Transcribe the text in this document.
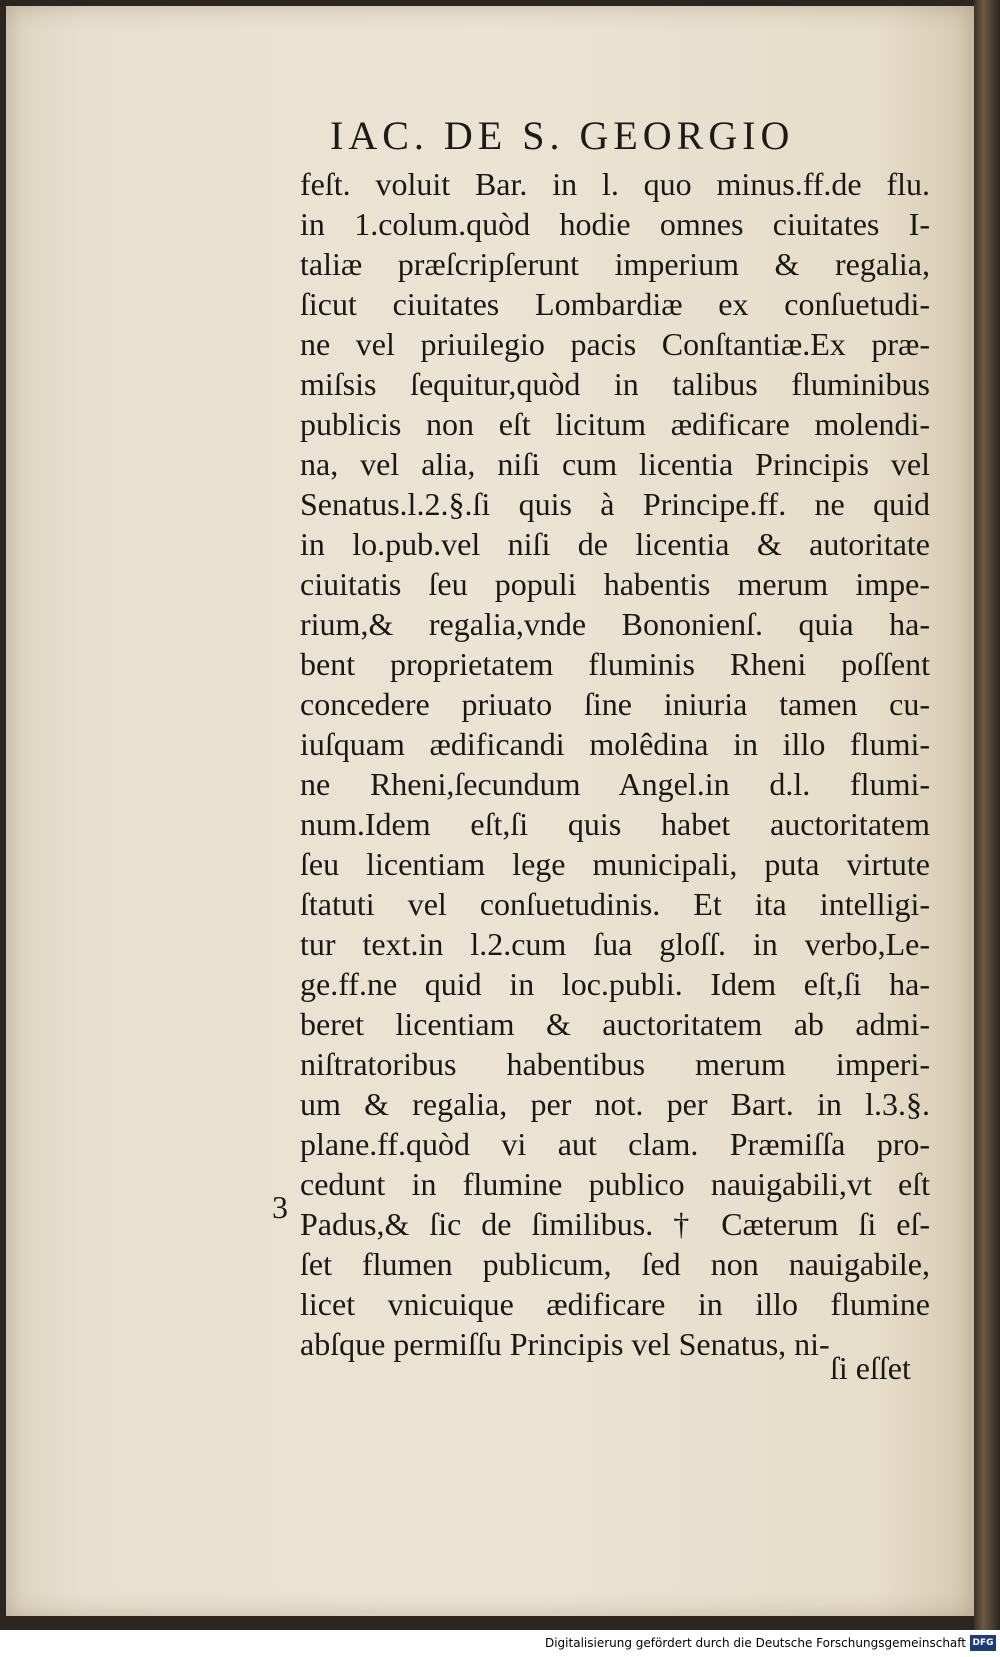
IAC. DE S. GEORGIO
3
feſt. voluit Bar. in l. quo minus.ff.de flu.
in 1.colum.quòd hodie omnes ciuitates I-
taliæ præſcripſerunt imperium & regalia,
ſicut ciuitates Lombardiæ ex conſuetudi-
ne vel priuilegio pacis Conſtantiæ.Ex præ-
miſsis ſequitur,quòd in talibus fluminibus
publicis non eſt licitum ædificare molendi-
na, vel alia, niſi cum licentia Principis vel
Senatus.l.2.§.ſi quis à Principe.ff. ne quid
in lo.pub.vel niſi de licentia & autoritate
ciuitatis ſeu populi habentis merum impe-
rium,& regalia,vnde Bononienſ. quia ha-
bent proprietatem fluminis Rheni poſſent
concedere priuato ſine iniuria tamen cu-
iuſquam ædificandi molêdina in illo flumi-
ne Rheni,ſecundum Angel.in d.l. flumi-
num.Idem eſt,ſi quis habet auctoritatem
ſeu licentiam lege municipali, puta virtute
ſtatuti vel conſuetudinis. Et ita intelligi-
tur text.in l.2.cum ſua gloſſ. in verbo,Le-
ge.ff.ne quid in loc.publi. Idem eſt,ſi ha-
beret licentiam & auctoritatem ab admi-
niſtratoribus habentibus merum imperi-
um & regalia, per not. per Bart. in l.3.§.
plane.ff.quòd vi aut clam. Præmiſſa pro-
cedunt in flumine publico nauigabili,vt eſt
Padus,& ſic de ſimilibus. † Cæterum ſi eſ-
ſet flumen publicum, ſed non nauigabile,
licet vnicuique ædificare in illo flumine
abſque permiſſu Principis vel Senatus, ni-
ſi eſſet
Digitalisierung gefördert durch die Deutsche Forschungsgemeinschaft DFG
